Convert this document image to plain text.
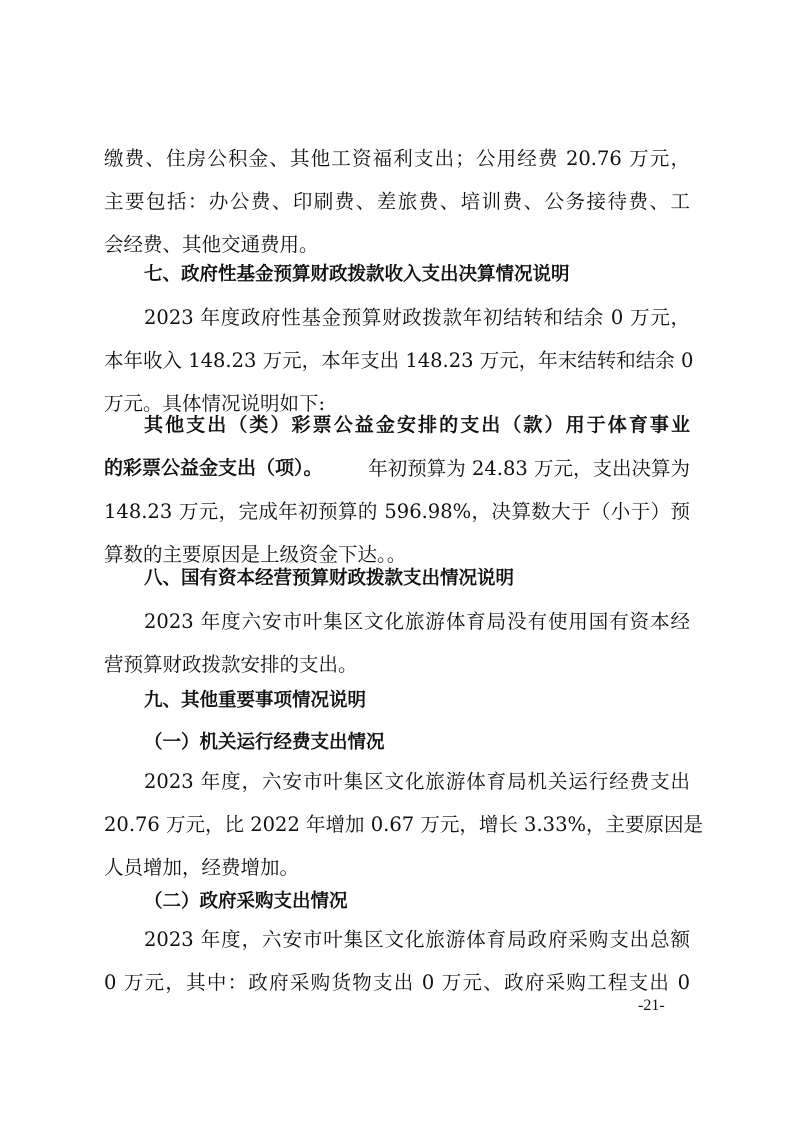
缴费、住房公积金、其他工资福利支出；公用经费 20.76 万元，
主要包括：办公费、印刷费、差旅费、培训费、公务接待费、工
会经费、其他交通费用。
七、政府性基金预算财政拨款收入支出决算情况说明
2023 年度政府性基金预算财政拨款年初结转和结余 0 万元，
本年收入 148.23 万元，本年支出 148.23 万元，年末结转和结余 0
万元。具体情况说明如下:
其他支出（类）彩票公益金安排的支出（款）用于体育事业
的彩票公益金支出（项）。 年初预算为 24.83 万元，支出决算为
148.23 万元，完成年初预算的 596.98%，决算数大于（小于）预
算数的主要原因是上级资金下达。。
八、国有资本经营预算财政拨款支出情况说明
2023 年度六安市叶集区文化旅游体育局没有使用国有资本经
营预算财政拨款安排的支出。
九、其他重要事项情况说明
（一）机关运行经费支出情况
2023 年度，六安市叶集区文化旅游体育局机关运行经费支出
20.76 万元，比 2022 年增加 0.67 万元，增长 3.33%，主要原因是
人员增加，经费增加。
（二）政府采购支出情况
2023 年度，六安市叶集区文化旅游体育局政府采购支出总额
0 万元，其中：政府采购货物支出 0 万元、政府采购工程支出 0
-21-
